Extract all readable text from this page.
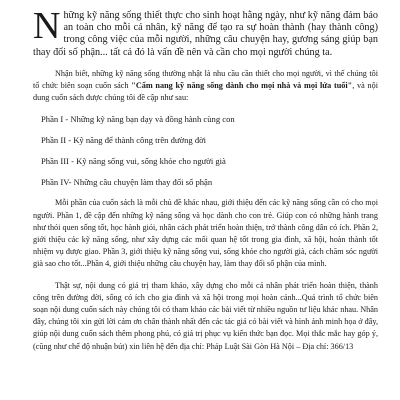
Những kỹ năng sống thiết thực cho sinh hoạt hằng ngày, như kỹ năng đảm bảo an toàn cho mỗi cá nhân, kỹ năng để tạo ra sự hoàn thành (hay thành công) trong công việc của mỗi người, những câu chuyện hay, gương sáng giúp bạn thay đổi số phận... tất cả đó là vấn đề nên và cần cho mọi người chúng ta.

Nhận biết, những kỹ năng sống thường nhật là nhu cầu cần thiết cho mọi người, vì thế chúng tôi tổ chức biên soạn cuốn sách "Cẩm nang kỹ năng sống dành cho mọi nhà và mọi lứa tuổi", và nội dung cuốn sách được chúng tôi đề cập như sau:

Phần I - Những kỹ năng bạn dạy và đồng hành cùng con
Phần II - Kỹ năng để thành công trên đường đời
Phần III - Kỹ năng sống vui, sống khỏe cho người già
Phần IV- Những câu chuyện làm thay đổi số phận

Mỗi phần của cuốn sách là mỗi chủ đề khác nhau, giới thiệu đến các kỹ năng sống cần có cho mọi người. Phần 1, đề cập đến những kỹ năng sống và học dành cho con trẻ. Giúp con có những hành trang như thói quen sống tốt, học hành giỏi, nhân cách phát triển hoàn thiện, trở thành công dân có ích. Phần 2, giới thiệu các kỹ năng sống, như xây dựng các mối quan hệ tốt trong gia đình, xã hội, hoàn thành tốt nhiệm vụ được giao. Phần 3, giới thiệu kỹ năng sống vui, sống khỏe cho người già, cách chăm sóc người già sao cho tốt...Phần 4, giới thiệu những câu chuyện hay, làm thay đổi số phận của mình.

Thật sự, nội dung có giá trị tham khảo, xây dựng cho mỗi cá nhân phát triển hoàn thiện, thành công trên đường đời, sống có ích cho gia đình và xã hội trong mọi hoàn cảnh...Quá trình tổ chức biên soạn nội dung cuốn sách này chúng tôi có tham khảo các bài viết từ nhiều nguồn tư liệu khác nhau. Nhân đây, chúng tôi xin gửi lời cảm ơn chân thành nhất đến các tác giả có bài viết và hình ảnh minh họa ở đây, giúp nội dung cuốn sách thêm phong phú, có giá trị phục vụ kiến thức bạn đọc. Mọi thắc mắc hay góp ý, (cũng như chế độ nhuận bút) xin liên hệ đến địa chỉ: Pháp Luật Sài Gòn Hà Nội – Địa chỉ: 366/13
